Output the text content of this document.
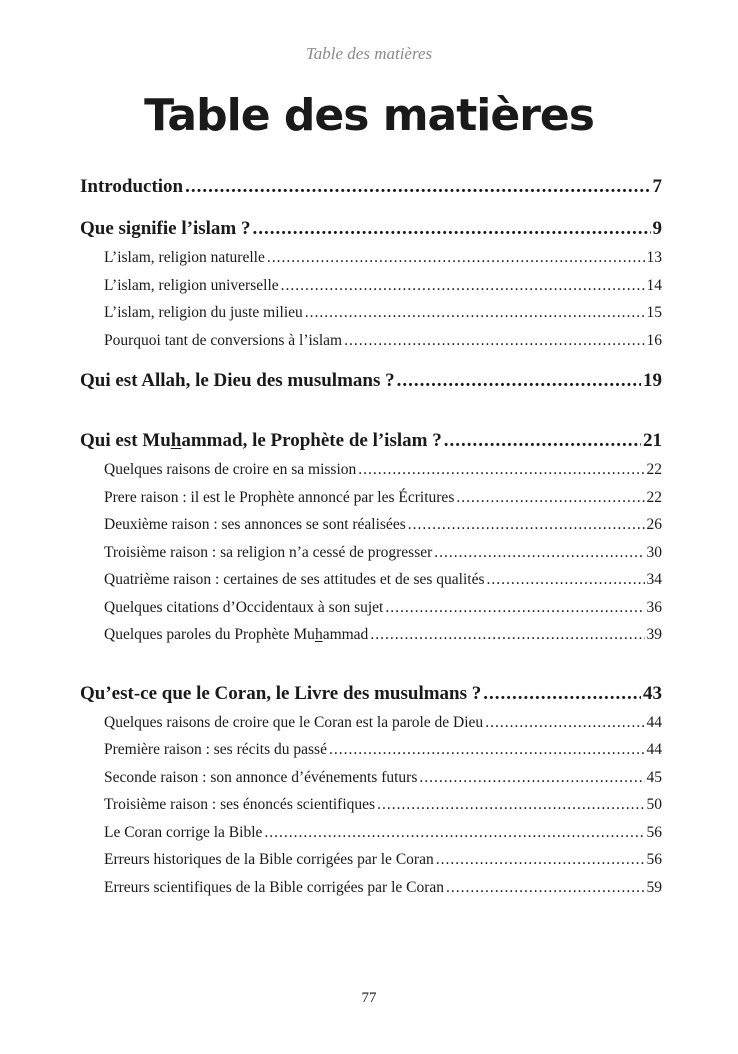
Table des matières
Table des matières
Introduction .....	7
Que signifie l’islam ? .....	9
L’islam, religion naturelle .....	13
L’islam, religion universelle .....	14
L’islam, religion du juste milieu .....	15
Pourquoi tant de conversions à l’islam .....	16
Qui est Allah, le Dieu des musulmans ? .....	19
Qui est Muhammad, le Prophète de l’islam ? .....	21
Quelques raisons de croire en sa mission .....	22
Prere raison : il est le Prophète annoncé par les Écritures .....	22
Deuxième raison : ses annonces se sont réalisées .....	26
Troisième raison : sa religion n’a cessé de progresser .....	30
Quatrième raison : certaines de ses attitudes et de ses qualités .....	34
Quelques citations d’Occidentaux à son sujet .....	36
Quelques paroles du Prophète Muhammad .....	39
Qu’est-ce que le Coran, le Livre des musulmans ? .....	43
Quelques raisons de croire que le Coran est la parole de Dieu .....	44
Première raison : ses récits du passé .....	44
Seconde raison : son annonce d’événements futurs .....	45
Troisième raison : ses énoncés scientifiques .....	50
Le Coran corrige la Bible .....	56
Erreurs historiques de la Bible corrigées par le Coran .....	56
Erreurs scientifiques de la Bible corrigées par le Coran .....	59
77
